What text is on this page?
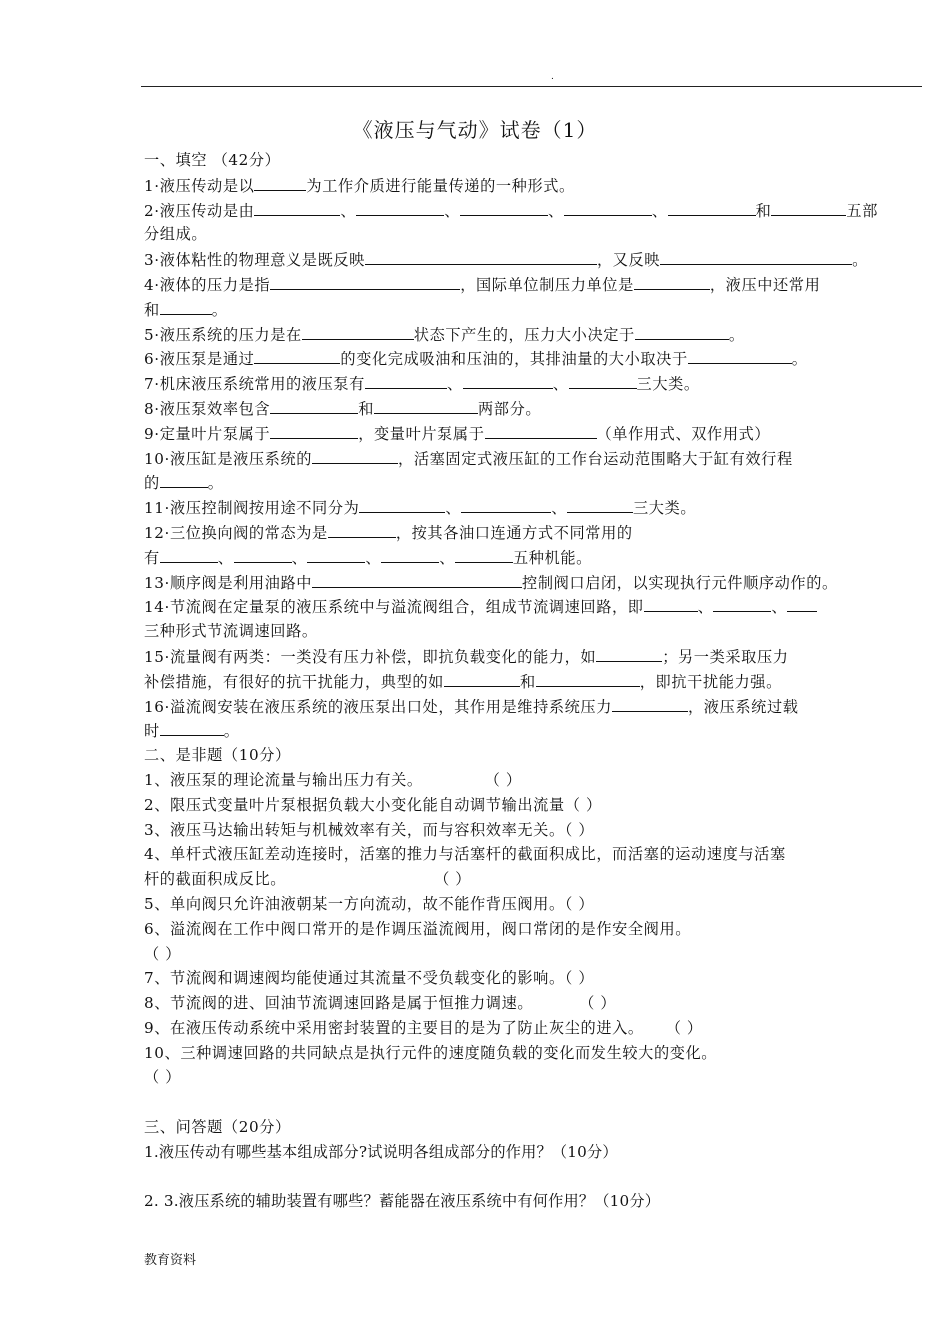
.
《液压与气动》试卷（1）
一、填空 （42分）
1·液压传动是以	为工作介质进行能量传递的一种形式。
2·液压传动是由	、	、	、	、	和	五部
分组成。
3·液体粘性的物理意义是既反映	，又反映	。
4·液体的压力是指	，国际单位制压力单位是	，液压中还常用
和	。
5·液压系统的压力是在	状态下产生的，压力大小决定于	。
6·液压泵是通过	的变化完成吸油和压油的，其排油量的大小取决于	。
7·机床液压系统常用的液压泵有	、	、	三大类。
8·液压泵效率包含	和	两部分。
9·定量叶片泵属于	，变量叶片泵属于	（单作用式、双作用式）
10·液压缸是液压系统的	，活塞固定式液压缸的工作台运动范围略大于缸有效行程
的	。
11·液压控制阀按用途不同分为	、	、	三大类。
12·三位换向阀的常态为是	，按其各油口连通方式不同常用的
有	、	、	、	、	五种机能。
13·顺序阀是利用油路中	控制阀口启闭，以实现执行元件顺序动作的。
14·节流阀在定量泵的液压系统中与溢流阀组合，组成节流调速回路，即	、	、
三种形式节流调速回路。
15·流量阀有两类：一类没有压力补偿，即抗负载变化的能力，如	；另一类采取压力
补偿措施，有很好的抗干扰能力，典型的如	和	，即抗干扰能力强。
16·溢流阀安装在液压系统的液压泵出口处，其作用是维持系统压力	，液压系统过载
时	。
二、是非题（10分）
1、液压泵的理论流量与输出压力有关。	（ ）
2、限压式变量叶片泵根据负载大小变化能自动调节输出流量（ ）
3、液压马达输出转矩与机械效率有关，而与容积效率无关。（ ）
4、单杆式液压缸差动连接时，活塞的推力与活塞杆的截面积成比，而活塞的运动速度与活塞
杆的截面积成反比。	（ ）
5、单向阀只允许油液朝某一方向流动，故不能作背压阀用。（ ）
6、溢流阀在工作中阀口常开的是作调压溢流阀用，阀口常闭的是作安全阀用。
（ ）
7、节流阀和调速阀均能使通过其流量不受负载变化的影响。（ ）
8、节流阀的进、回油节流调速回路是属于恒推力调速。	（ ）
9、在液压传动系统中采用密封装置的主要目的是为了防止灰尘的进入。 （ ）
10、三种调速回路的共同缺点是执行元件的速度随负载的变化而发生较大的变化。
（ ）
三、问答题（20分）
1.液压传动有哪些基本组成部分?试说明各组成部分的作用？（10分）
2. 3.液压系统的辅助装置有哪些？蓄能器在液压系统中有何作用？（10分）
教育资料
